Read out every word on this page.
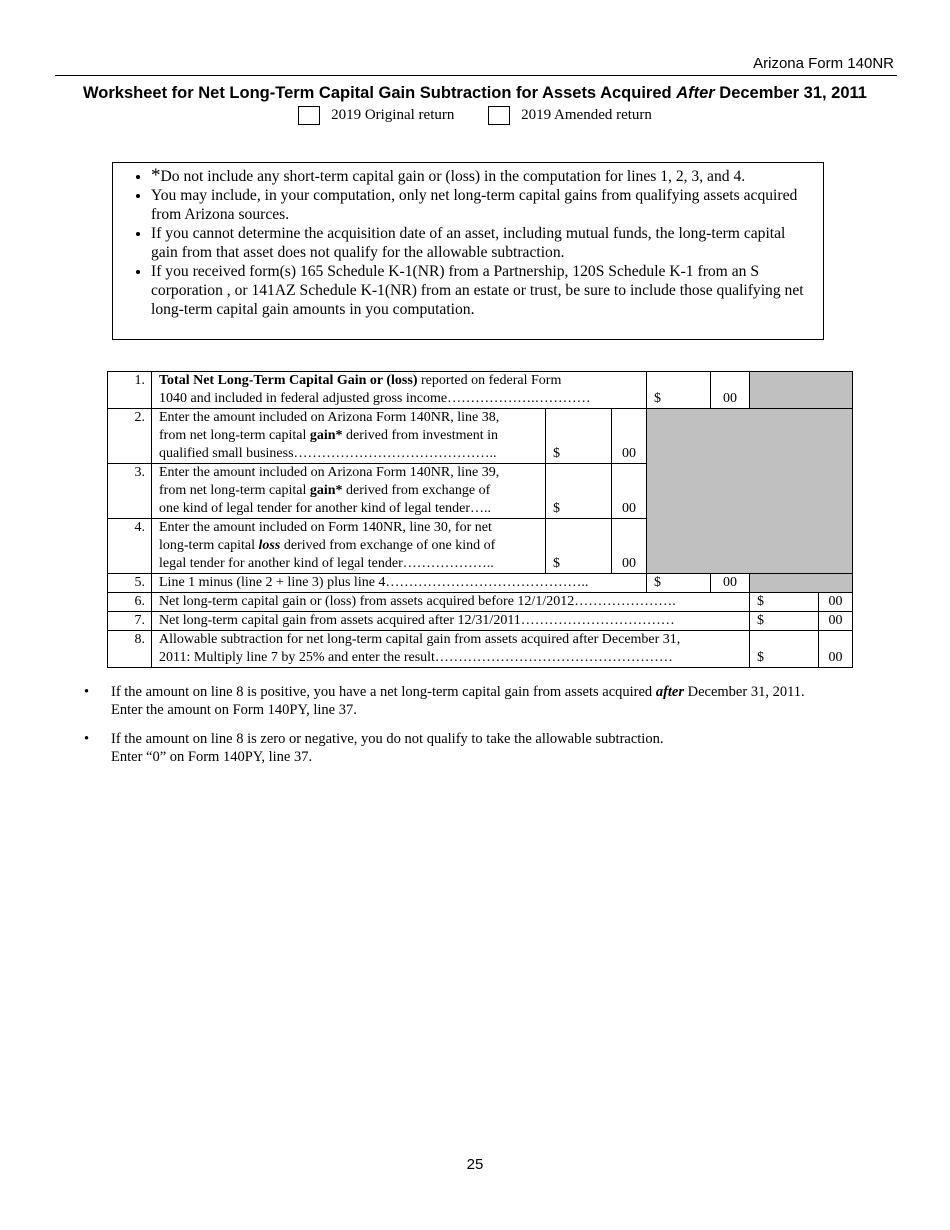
Arizona Form 140NR
Worksheet for Net Long-Term Capital Gain Subtraction for Assets Acquired After December 31, 2011
2019 Original return	2019 Amended return
• *Do not include any short-term capital gain or (loss) in the computation for lines 1, 2, 3, and 4.
• You may include, in your computation, only net long-term capital gains from qualifying assets acquired from Arizona sources.
• If you cannot determine the acquisition date of an asset, including mutual funds, the long-term capital gain from that asset does not qualify for the allowable subtraction.
• If you received form(s) 165 Schedule K-1(NR) from a Partnership, 120S Schedule K-1 from an S corporation , or 141AZ Schedule K-1(NR) from an estate or trust, be sure to include those qualifying net long-term capital gain amounts in you computation.
1.	Total Net Long-Term Capital Gain or (loss) reported on federal Form
1040 and included in federal adjusted gross income……………….…………			$	00		
2.	Enter the amount included on Arizona Form 140NR, line 38,
from net long-term capital gain* derived from investment in
qualified small business……………………………………..	$	00				
3.	Enter the amount included on Arizona Form 140NR, line 39,
from net long-term capital gain* derived from exchange of
one kind of legal tender for another kind of legal tender…..	$	00				
4.	Enter the amount included on Form 140NR, line 30, for net
long-term capital loss derived from exchange of one kind of
legal tender for another kind of legal tender………………..	$	00				
5.	Line 1 minus (line 2 + line 3) plus line 4……………………………………..			$	00		
6.	Net long-term capital gain or (loss) from assets acquired before 12/1/2012………………….					$	00
7.	Net long-term capital gain from assets acquired after 12/31/2011……………………………					$	00
8.	Allowable subtraction for net long-term capital gain from assets acquired after December 31,
2011: Multiply line 7 by 25% and enter the result……………………………………………					$	00
• If the amount on line 8 is positive, you have a net long-term capital gain from assets acquired after December 31, 2011.
Enter the amount on Form 140PY, line 37.
• If the amount on line 8 is zero or negative, you do not qualify to take the allowable subtraction.
Enter “0” on Form 140PY, line 37.
25
